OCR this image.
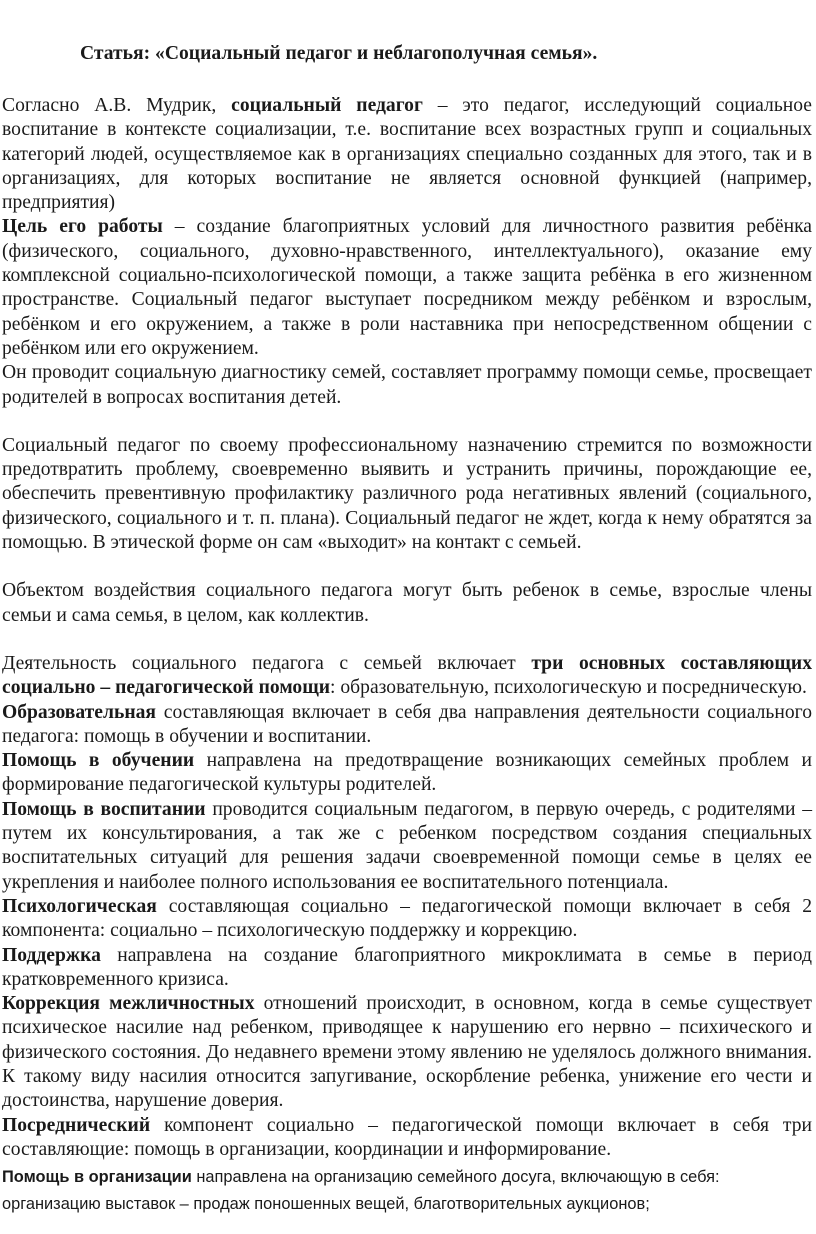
Статья: «Социальный педагог и неблагополучная семья».

Согласно А.В. Мудрик, социальный педагог – это педагог, исследующий социальное воспитание в контексте социализации, т.е. воспитание всех возрастных групп и социальных категорий людей, осуществляемое как в организациях специально созданных для этого, так и в организациях, для которых воспитание не является основной функцией (например, предприятия)

Цель его работы – создание благоприятных условий для личностного развития ребёнка (физического, социального, духовно-нравственного, интеллектуального), оказание ему комплексной социально-психологической помощи, а также защита ребёнка в его жизненном пространстве. Социальный педагог выступает посредником между ребёнком и взрослым, ребёнком и его окружением, а также в роли наставника при непосредственном общении с ребёнком или его окружением.

Он проводит социальную диагностику семей, составляет программу помощи семье, просвещает родителей в вопросах воспитания детей.

Социальный педагог по своему профессиональному назначению стремится по возможности предотвратить проблему, своевременно выявить и устранить причины, порождающие ее, обеспечить превентивную профилактику различного рода негативных явлений (социального, физического, социального и т. п. плана). Социальный педагог не ждет, когда к нему обратятся за помощью. В этической форме он сам «выходит» на контакт с семьей.

Объектом воздействия социального педагога могут быть ребенок в семье, взрослые члены семьи и сама семья, в целом, как коллектив.

Деятельность социального педагога с семьей включает три основных составляющих социально – педагогической помощи: образовательную, психологическую и посредническую.

Образовательная составляющая включает в себя два направления деятельности социального педагога: помощь в обучении и воспитании.

Помощь в обучении направлена на предотвращение возникающих семейных проблем и формирование педагогической культуры родителей.

Помощь в воспитании проводится социальным педагогом, в первую очередь, с родителями – путем их консультирования, а так же с ребенком посредством создания специальных воспитательных ситуаций для решения задачи своевременной помощи семье в целях ее укрепления и наиболее полного использования ее воспитательного потенциала.

Психологическая составляющая социально – педагогической помощи включает в себя 2 компонента: социально – психологическую поддержку и коррекцию.

Поддержка направлена на создание благоприятного микроклимата в семье в период кратковременного кризиса.

Коррекция межличностных отношений происходит, в основном, когда в семье существует психическое насилие над ребенком, приводящее к нарушению его нервно – психического и физического состояния. До недавнего времени этому явлению не уделялось должного внимания. К такому виду насилия относится запугивание, оскорбление ребенка, унижение его чести и достоинства, нарушение доверия.

Посреднический компонент социально – педагогической помощи включает в себя три составляющие: помощь в организации, координации и информирование.

Помощь в организации направлена на организацию семейного досуга, включающую в себя:

организацию выставок – продаж поношенных вещей, благотворительных аукционов;
